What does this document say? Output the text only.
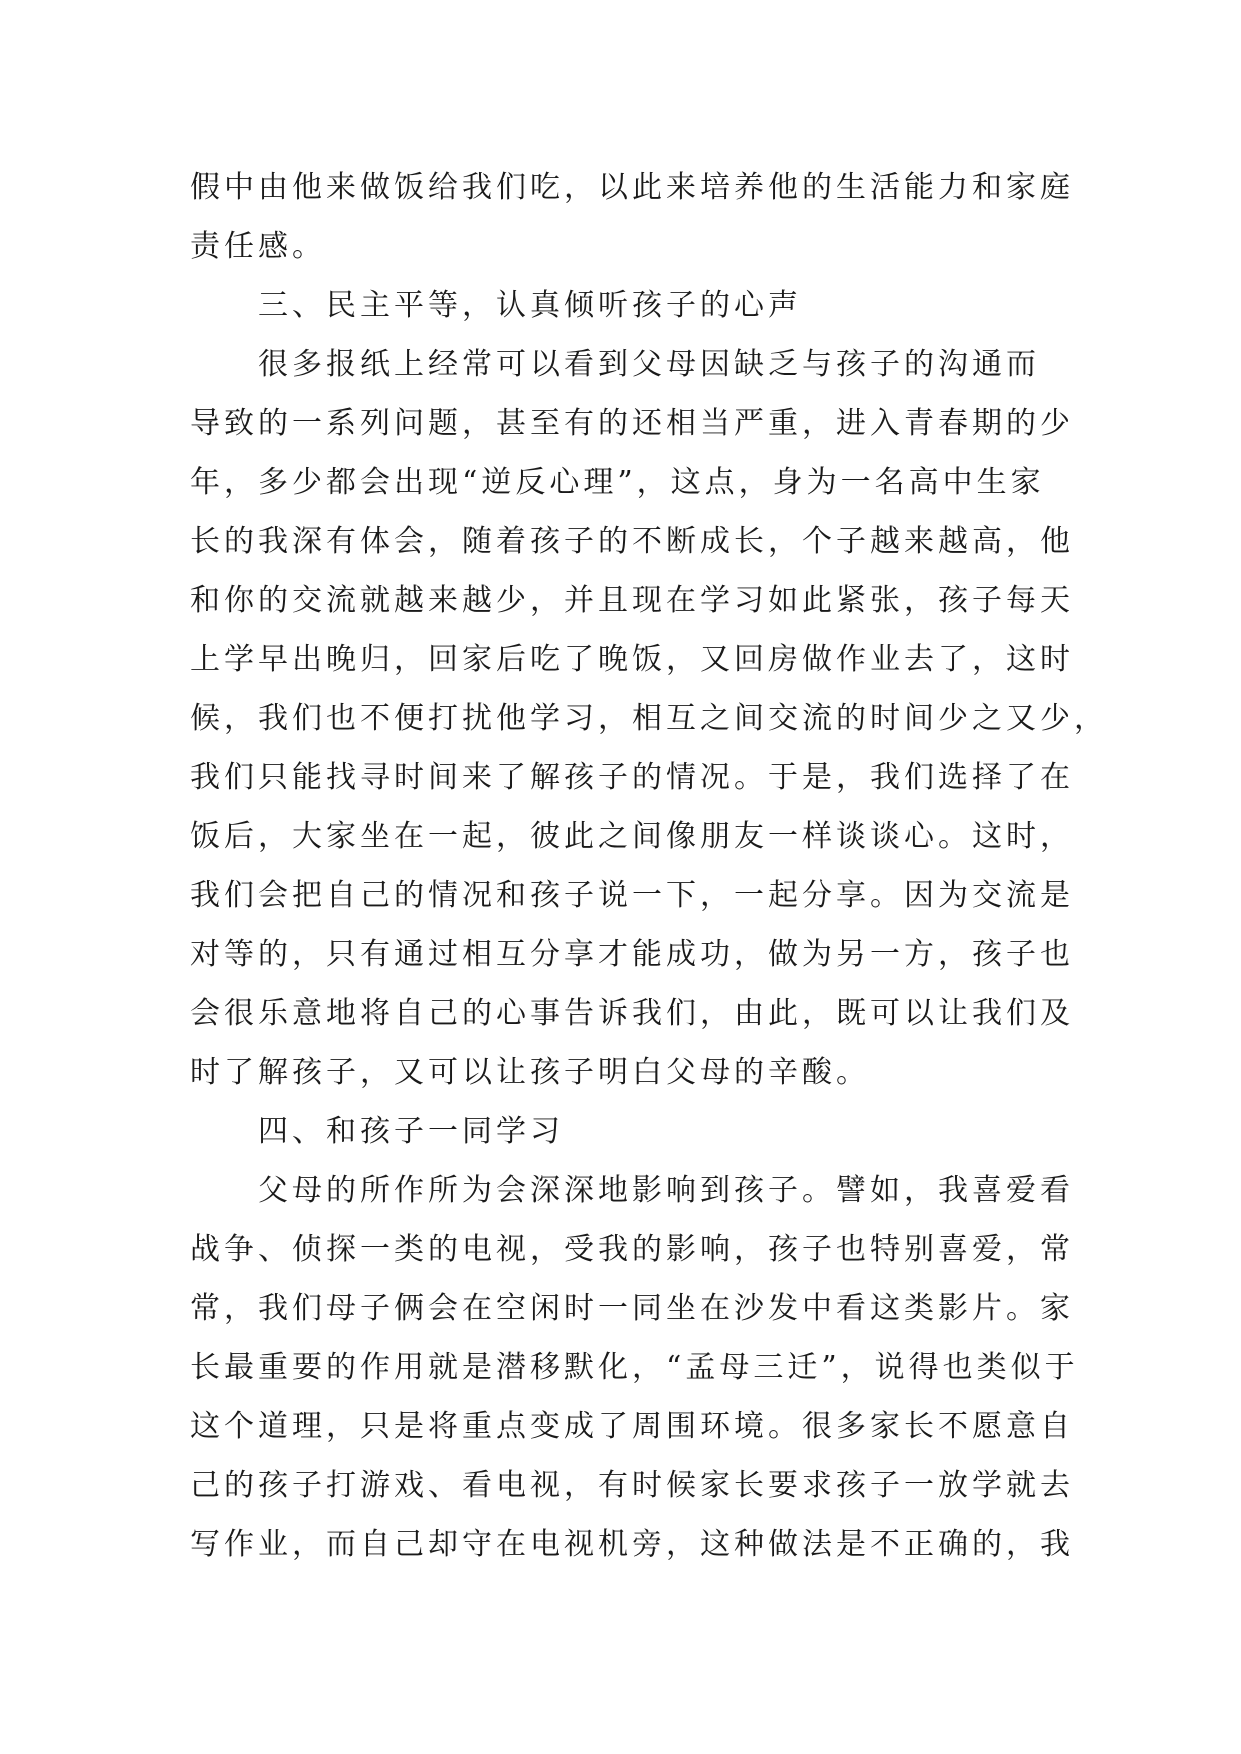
假中由他来做饭给我们吃，以此来培养他的生活能力和家庭
责任感。
三、民主平等，认真倾听孩子的心声
很多报纸上经常可以看到父母因缺乏与孩子的沟通而
导致的一系列问题，甚至有的还相当严重，进入青春期的少
年，多少都会出现“逆反心理”，这点，身为一名高中生家
长的我深有体会，随着孩子的不断成长，个子越来越高，他
和你的交流就越来越少，并且现在学习如此紧张，孩子每天
上学早出晚归，回家后吃了晚饭，又回房做作业去了，这时
候，我们也不便打扰他学习，相互之间交流的时间少之又少，
我们只能找寻时间来了解孩子的情况。于是，我们选择了在
饭后，大家坐在一起，彼此之间像朋友一样谈谈心。这时，
我们会把自己的情况和孩子说一下，一起分享。因为交流是
对等的，只有通过相互分享才能成功，做为另一方，孩子也
会很乐意地将自己的心事告诉我们，由此，既可以让我们及
时了解孩子，又可以让孩子明白父母的辛酸。
四、和孩子一同学习
父母的所作所为会深深地影响到孩子。譬如，我喜爱看
战争、侦探一类的电视，受我的影响，孩子也特别喜爱，常
常，我们母子俩会在空闲时一同坐在沙发中看这类影片。家
长最重要的作用就是潜移默化，“孟母三迁”，说得也类似于
这个道理，只是将重点变成了周围环境。很多家长不愿意自
己的孩子打游戏、看电视，有时候家长要求孩子一放学就去
写作业，而自己却守在电视机旁，这种做法是不正确的，我
